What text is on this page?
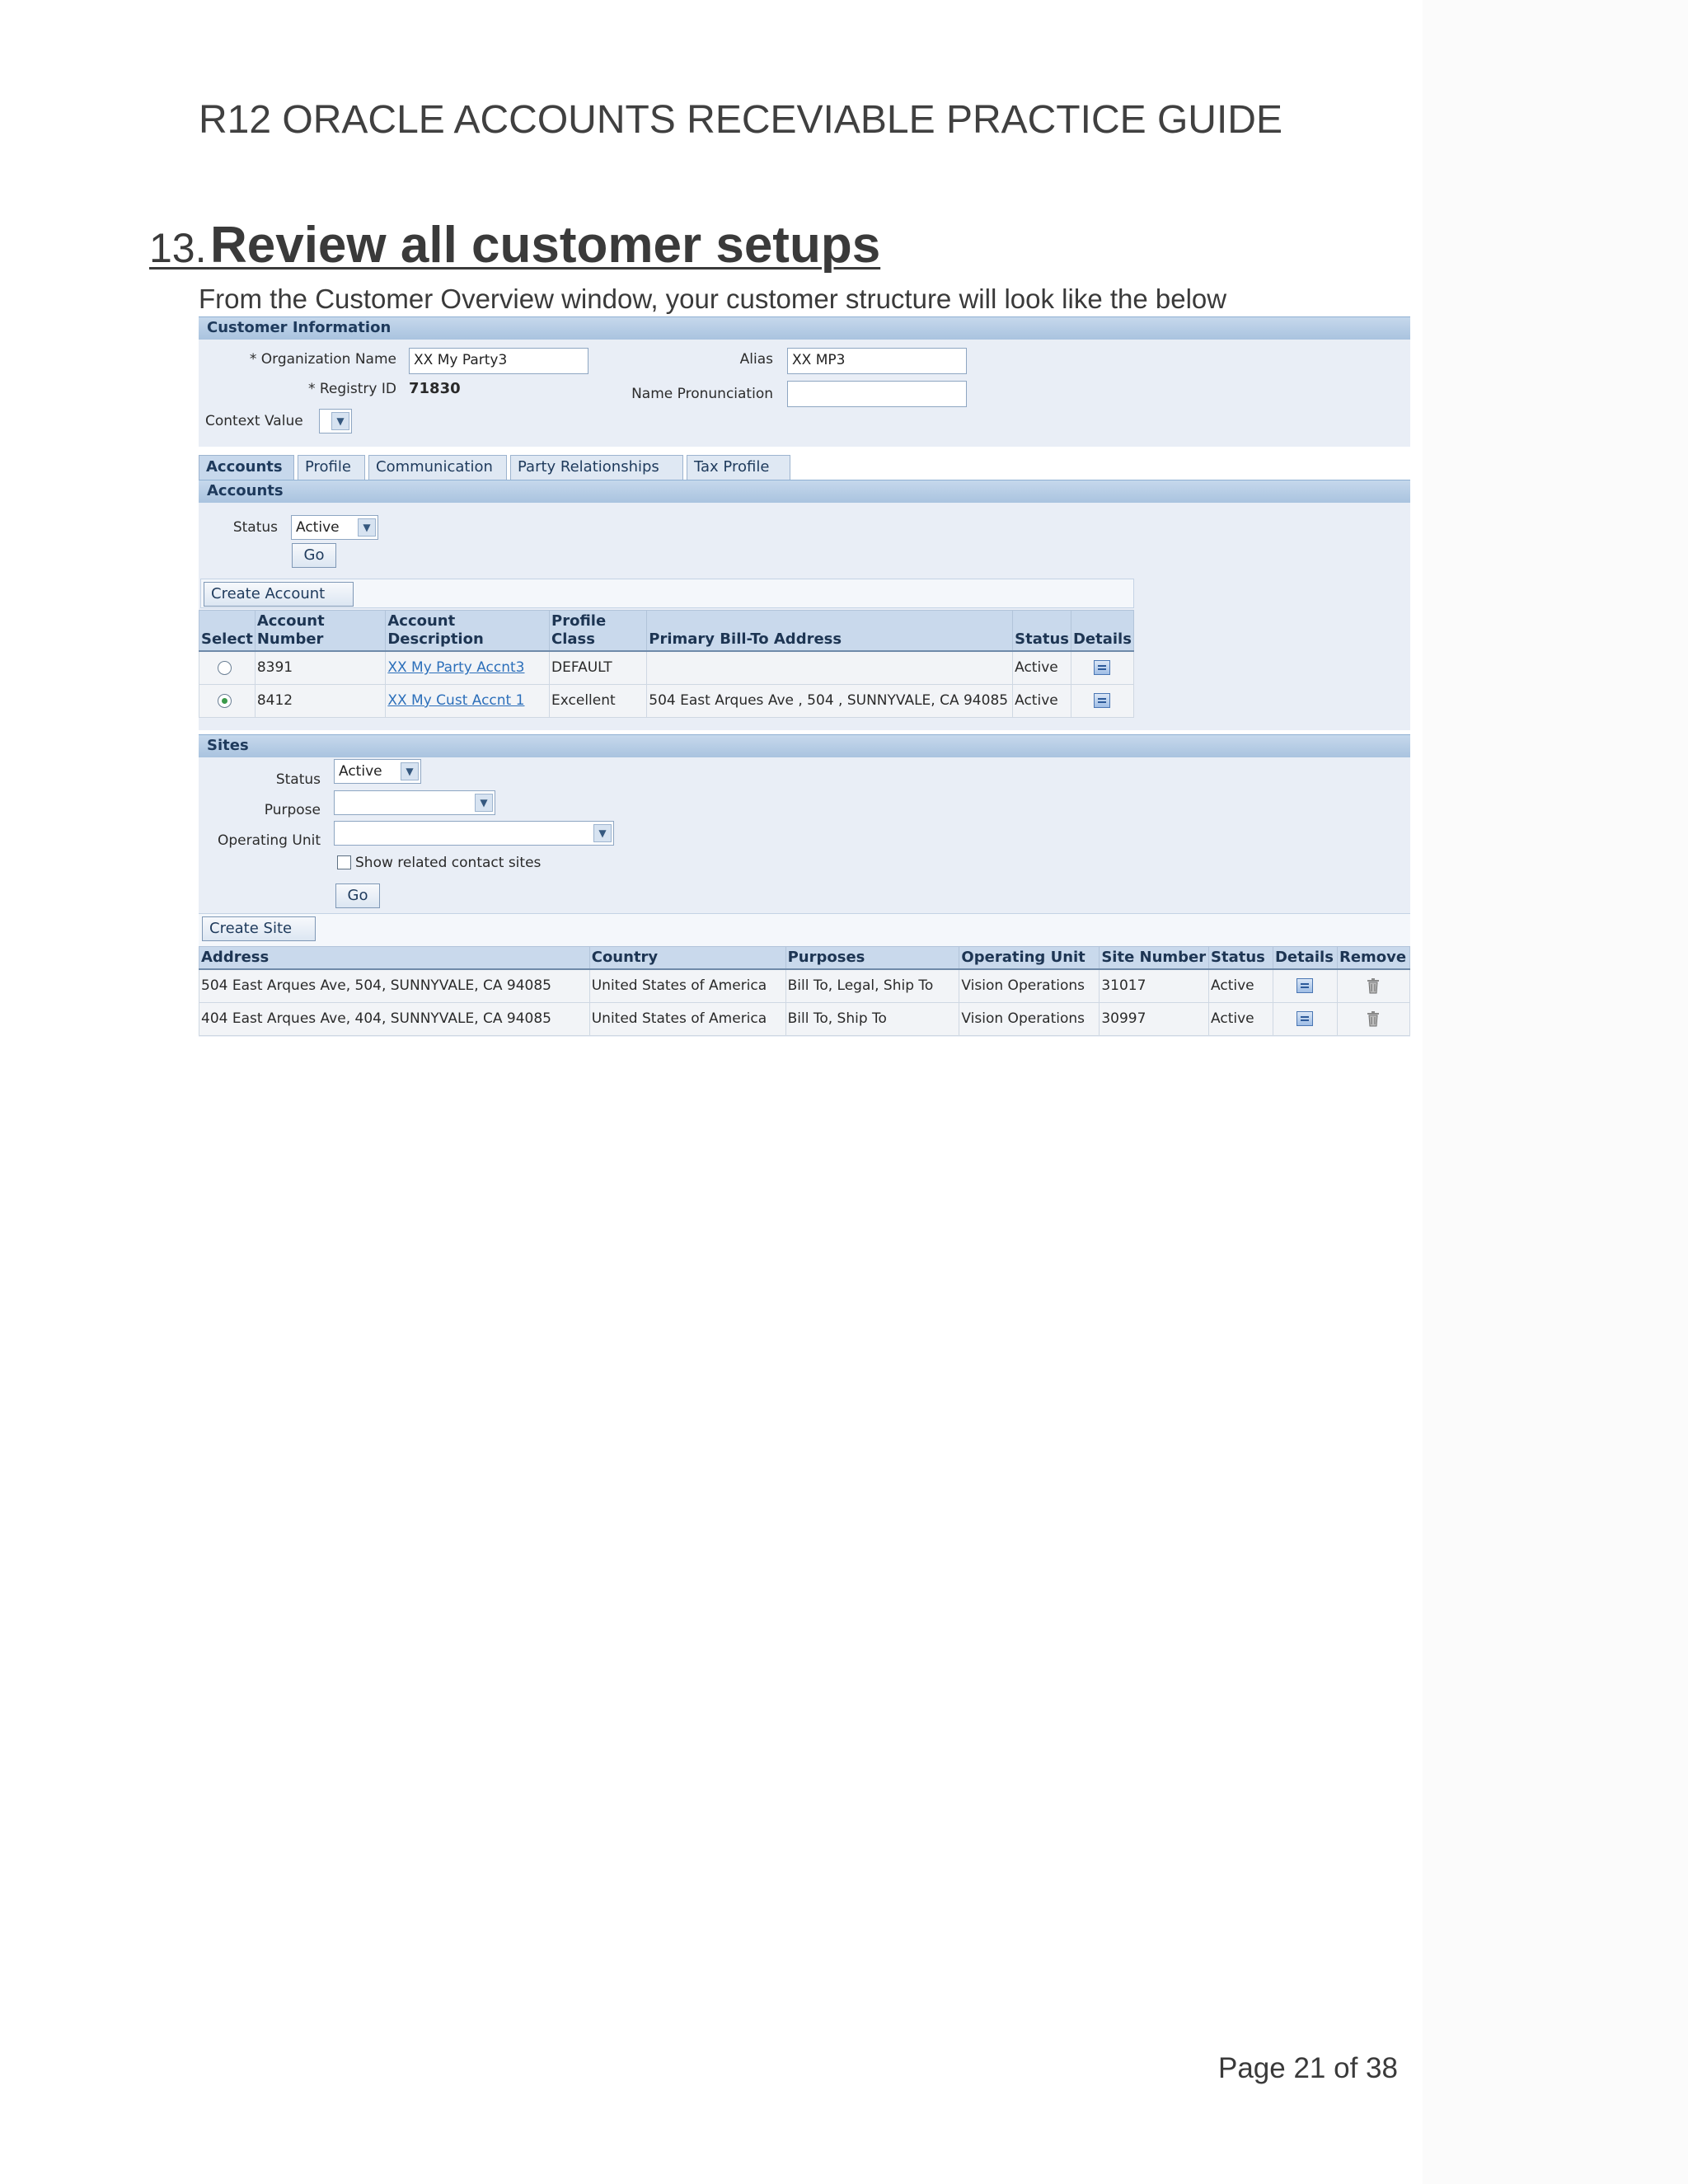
R12 ORACLE ACCOUNTS RECEVIABLE PRACTICE GUIDE
13. Review all customer setups
From the Customer Overview window, your customer structure will look like the below
Customer Information
* Organization Name	XX My Party3
* Registry ID 71830
Context Value	▼
Alias	XX MP3
Name Pronunciation
Accounts	Profile	Communication	Party Relationships	Tax Profile
Accounts
Status	Active	▼
Go
Create Account
Select	Account Number	Account Description	Profile Class	Primary Bill-To Address	Status	Details
	8391	XX My Party Accnt3	DEFAULT		Active	
	8412	XX My Cust Accnt 1	Excellent	504 East Arques Ave , 504 , SUNNYVALE, CA 94085	Active	
Sites
Status	Active	▼
Purpose	▼
Operating Unit	▼
Show related contact sites
Go
Create Site
Address	Country	Purposes	Operating Unit	Site Number	Status	Details	Remove
504 East Arques Ave, 504, SUNNYVALE, CA 94085	United States of America	Bill To, Legal, Ship To	Vision Operations	31017	Active		
404 East Arques Ave, 404, SUNNYVALE, CA 94085	United States of America	Bill To, Ship To	Vision Operations	30997	Active		
Page 21 of 38
